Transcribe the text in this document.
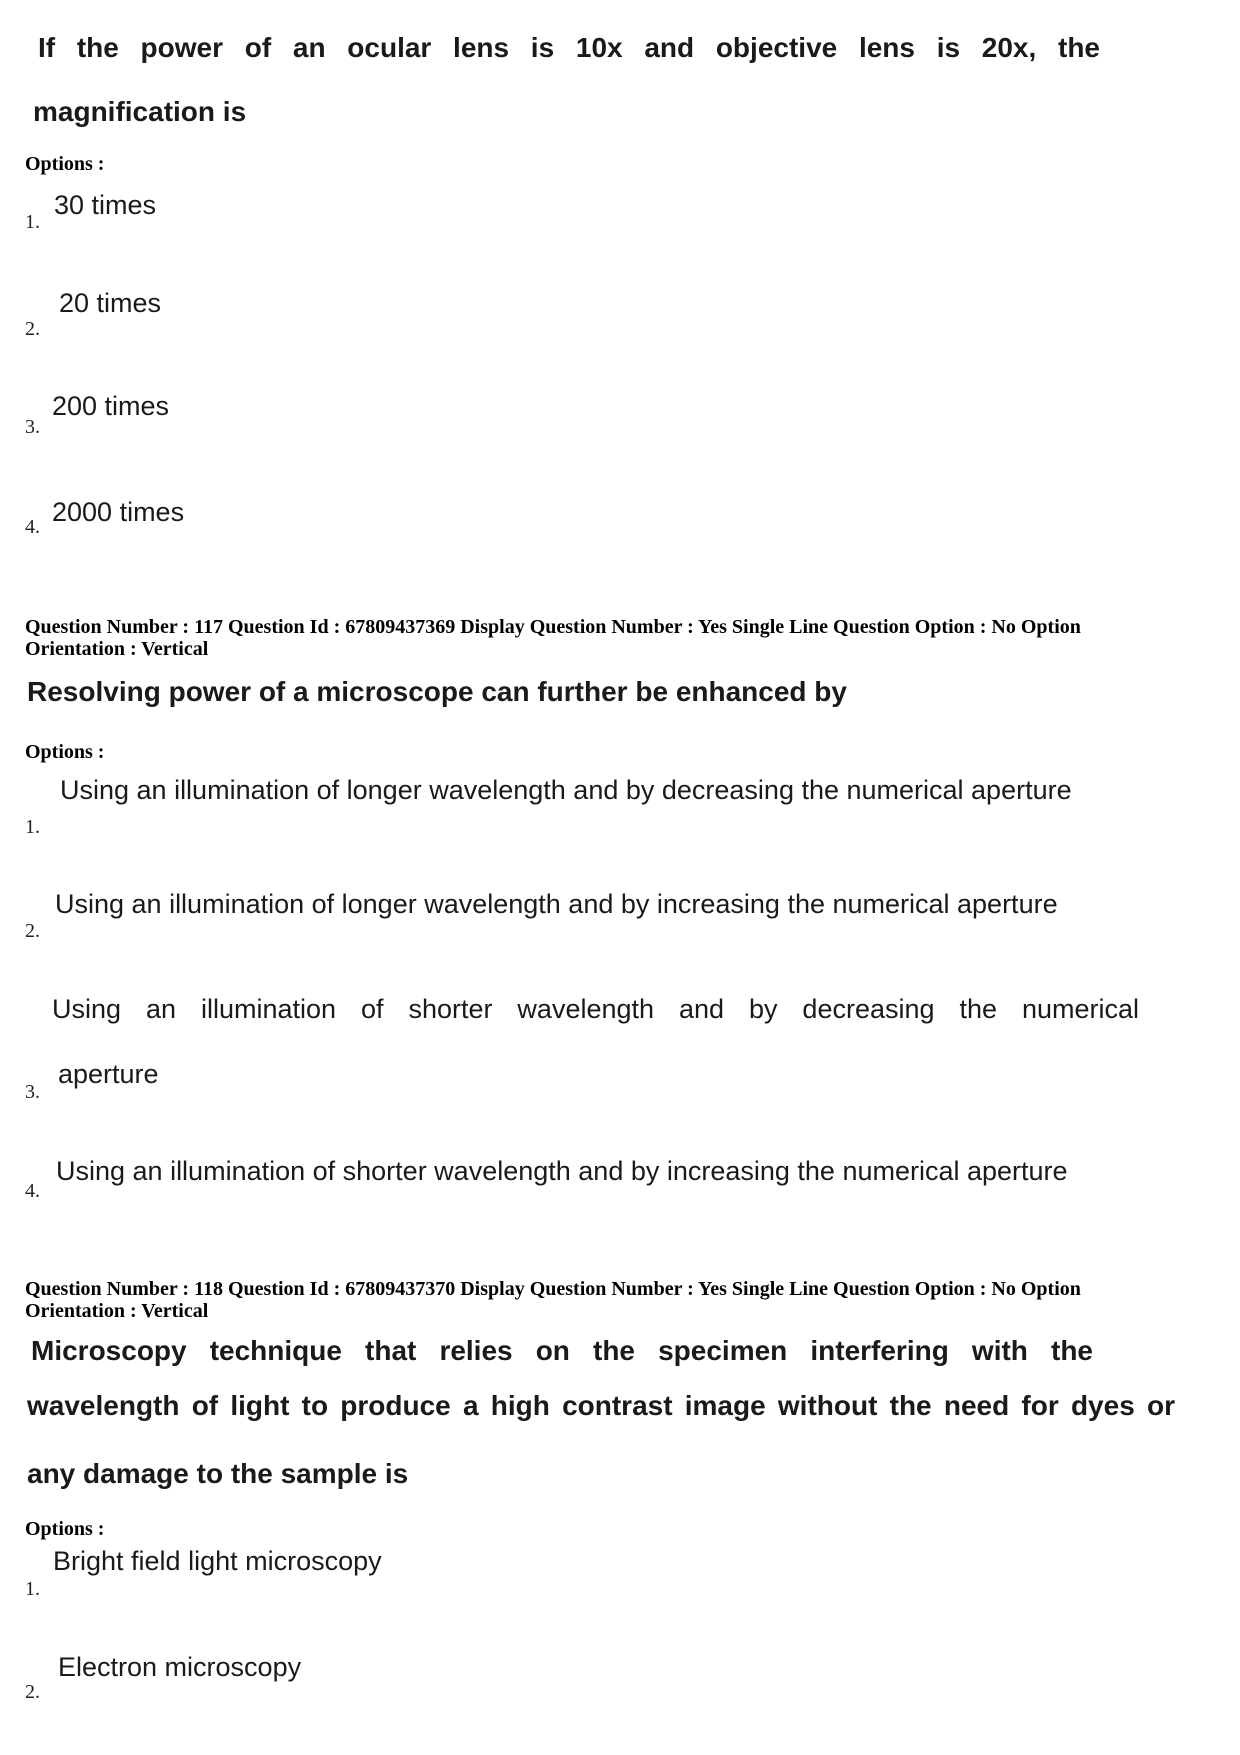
If the power of an ocular lens is 10x and objective lens is 20x, the
magnification is
Options :
1.
30 times
2.
20 times
3.
200 times
4. 2000 times
Question Number : 117 Question Id : 67809437369 Display Question Number : Yes Single Line Question Option : No Option
Orientation : Vertical
Resolving power of a microscope can further be enhanced by
Options :
1.
Using an illumination of longer wavelength and by decreasing the numerical aperture
2.
Using an illumination of longer wavelength and by increasing the numerical aperture
Using an illumination of shorter wavelength and by decreasing the numerical
3.
aperture
4.
Using an illumination of shorter wavelength and by increasing the numerical aperture
Question Number : 118 Question Id : 67809437370 Display Question Number : Yes Single Line Question Option : No Option
Orientation : Vertical
Microscopy technique that relies on the specimen interfering with the
wavelength of light to produce a high contrast image without the need for dyes or
any damage to the sample is
Options :
1.
Bright field light microscopy
2.
Electron microscopy
